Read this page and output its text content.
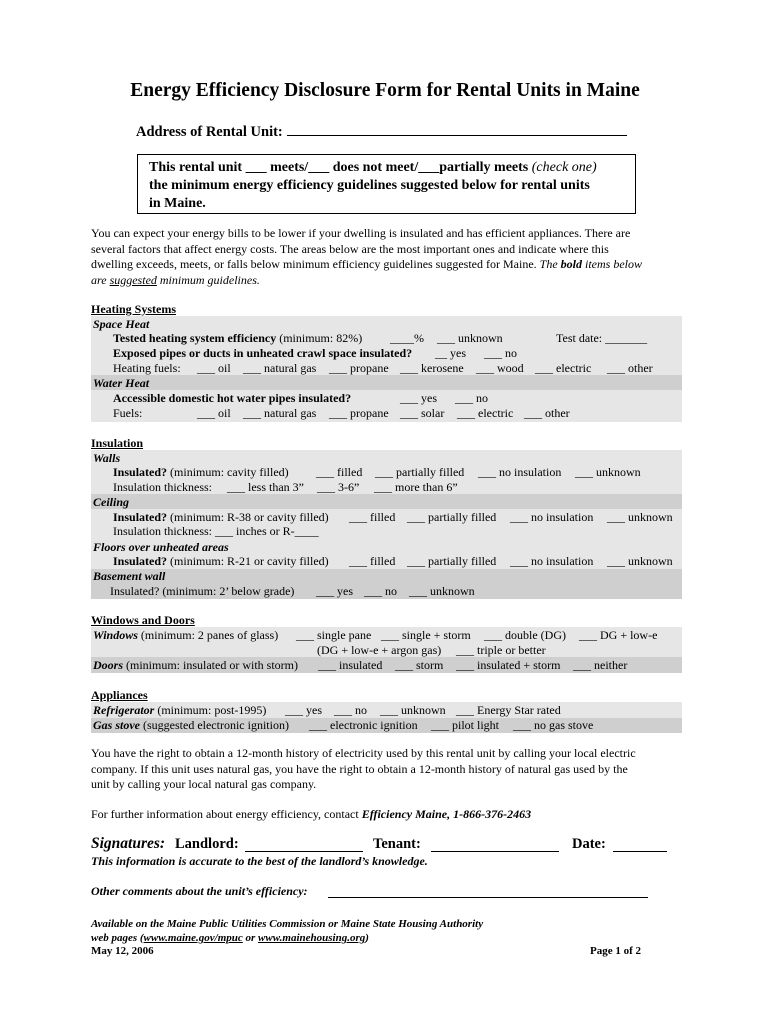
Energy Efficiency Disclosure Form for Rental Units in Maine
Address of Rental Unit:
This rental unit ___ meets/___ does not meet/___partially meets (check one)
the minimum energy efficiency guidelines suggested below for rental units
in Maine.
You can expect your energy bills to be lower if your dwelling is insulated and has efficient appliances. There are
several factors that affect energy costs. The areas below are the most important ones and indicate where this
dwelling exceeds, meets, or falls below minimum efficiency guidelines suggested for Maine. The bold items below
are suggested minimum guidelines.
Heating Systems
Space Heat
Tested heating system efficiency (minimum: 82%) ____% ___ unknown	Test date: _______
Exposed pipes or ducts in unheated crawl space insulated? __ yes ___ no
Heating fuels: ___ oil ___ natural gas ___ propane ___ kerosene ___ wood ___ electric ___ other
Water Heat
Accessible domestic hot water pipes insulated?	___ yes ___ no
Fuels:	___ oil ___ natural gas ___ propane ___ solar ___ electric ___ other
Insulation
Walls
Insulated? (minimum: cavity filled) ___ filled ___ partially filled ___ no insulation ___ unknown
Insulation thickness: ___ less than 3” ___ 3-6” ___ more than 6”
Ceiling
Insulated? (minimum: R-38 or cavity filled) ___ filled ___ partially filled ___ no insulation ___ unknown
Insulation thickness: ___ inches or R-____
Floors over unheated areas
Insulated? (minimum: R-21 or cavity filled) ___ filled ___ partially filled ___ no insulation ___ unknown
Basement wall
Insulated? (minimum: 2’ below grade) ___ yes ___ no ___ unknown
Windows and Doors
Windows (minimum: 2 panes of glass) ___ single pane ___ single + storm ___ double (DG) ___ DG + low-e
(DG + low-e + argon gas) ___ triple or better
Doors (minimum: insulated or with storm) ___ insulated ___ storm ___ insulated + storm ___ neither
Appliances
Refrigerator (minimum: post-1995) ___ yes ___ no ___ unknown ___ Energy Star rated
Gas stove (suggested electronic ignition) ___ electronic ignition ___ pilot light ___ no gas stove
You have the right to obtain a 12-month history of electricity used by this rental unit by calling your local electric
company. If this unit uses natural gas, you have the right to obtain a 12-month history of natural gas used by the
unit by calling your local natural gas company.
For further information about energy efficiency, contact Efficiency Maine, 1-866-376-2463
Signatures: Landlord:	Tenant:	Date:
This information is accurate to the best of the landlord’s knowledge.
Other comments about the unit’s efficiency:
Available on the Maine Public Utilities Commission or Maine State Housing Authority
web pages (www.maine.gov/mpuc or www.mainehousing.org)
May 12, 2006	Page 1 of 2
